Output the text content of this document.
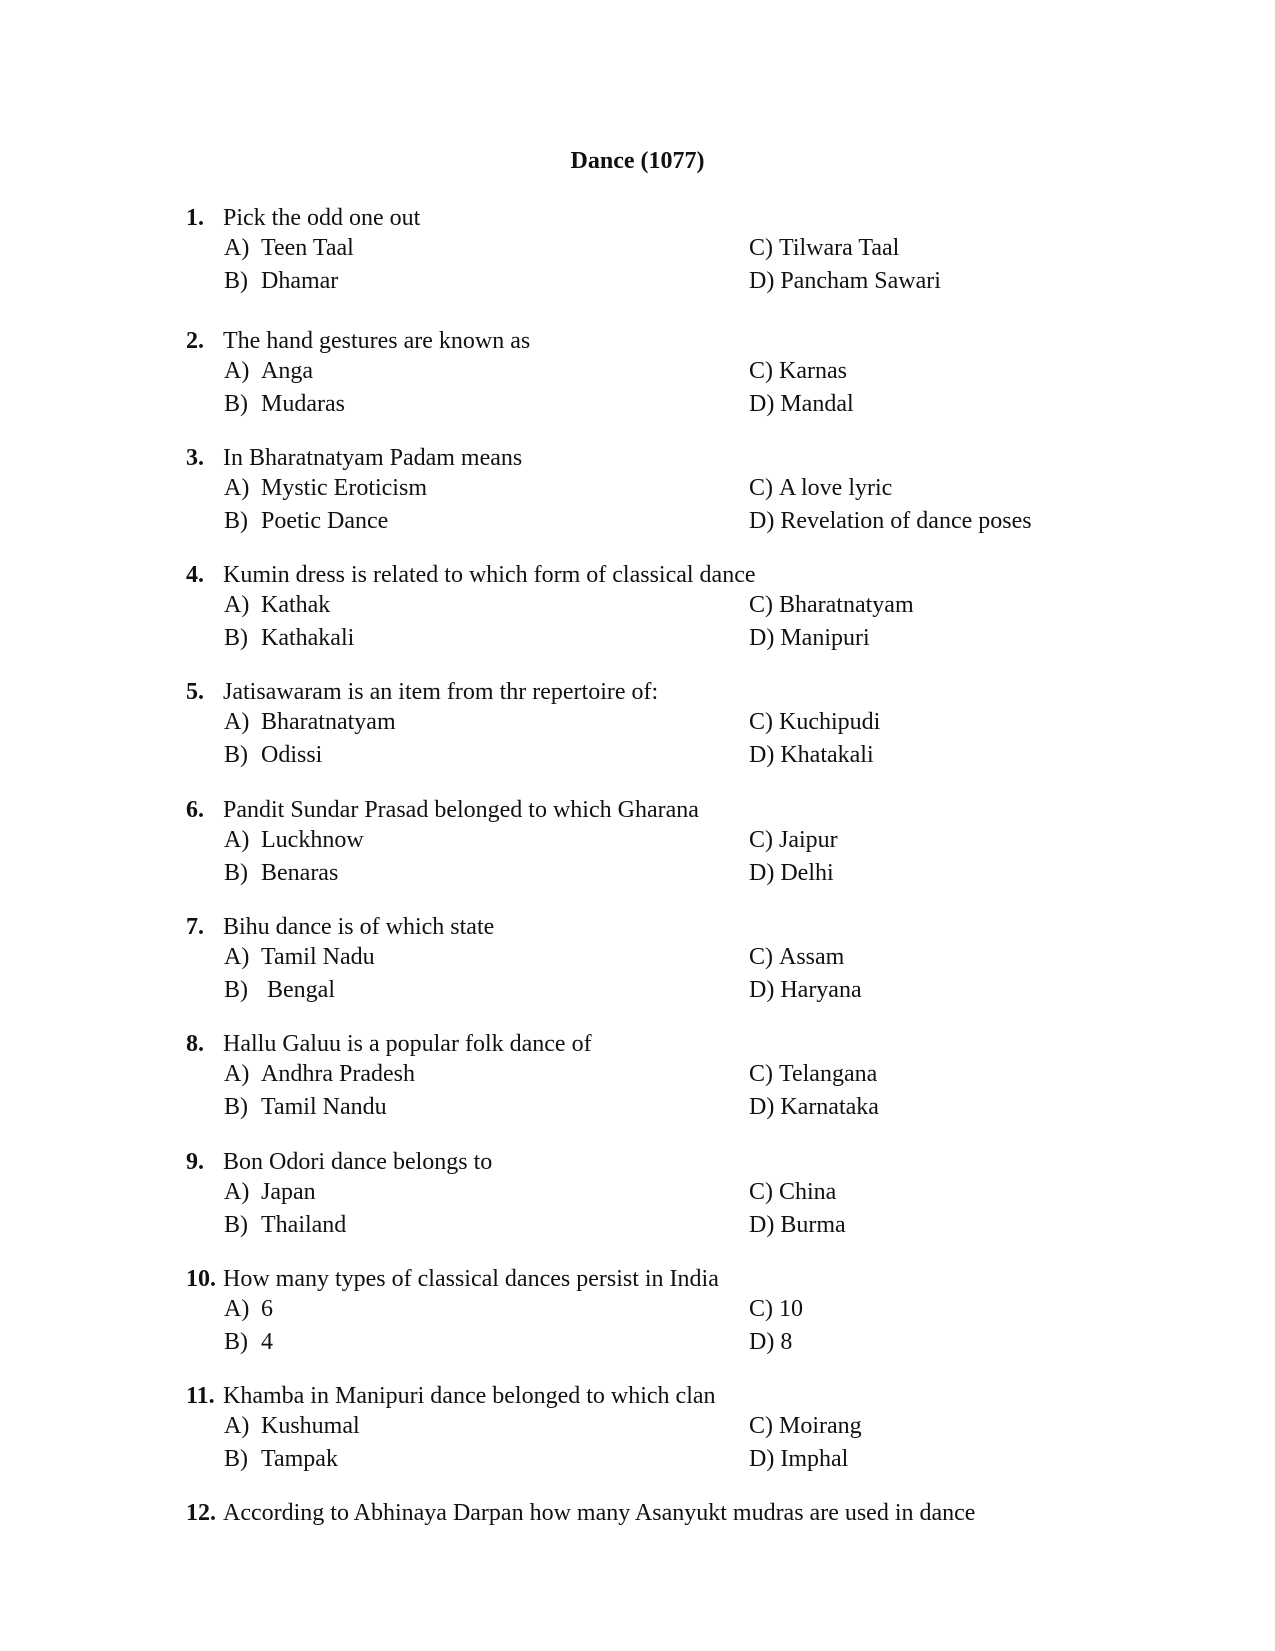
Dance (1077)
1. Pick the odd one out
A) Teen Taal
B) Dhamar
C) Tilwara Taal
D) Pancham Sawari
2. The hand gestures are known as
A) Anga
B) Mudaras
C) Karnas
D) Mandal
3. In Bharatnatyam Padam means
A) Mystic Eroticism
B) Poetic Dance
C) A love lyric
D) Revelation of dance poses
4. Kumin dress is related to which form of classical dance
A) Kathak
B) Kathakali
C) Bharatnatyam
D) Manipuri
5. Jatisawaram is an item from thr repertoire of:
A) Bharatnatyam
B) Odissi
C) Kuchipudi
D) Khatakali
6. Pandit Sundar Prasad belonged to which Gharana
A) Luckhnow
B) Benaras
C) Jaipur
D) Delhi
7. Bihu dance is of which state
A) Tamil Nadu
B) Bengal
C) Assam
D) Haryana
8. Hallu Galuu is a popular folk dance of
A) Andhra Pradesh
B) Tamil Nandu
C) Telangana
D) Karnataka
9. Bon Odori dance belongs to
A) Japan
B) Thailand
C) China
D) Burma
10. How many types of classical dances persist in India
A) 6
B) 4
C) 10
D) 8
11. Khamba in Manipuri dance belonged to which clan
A) Kushumal
B) Tampak
C) Moirang
D) Imphal
12. According to Abhinaya Darpan how many Asanyukt mudras are used in dance
